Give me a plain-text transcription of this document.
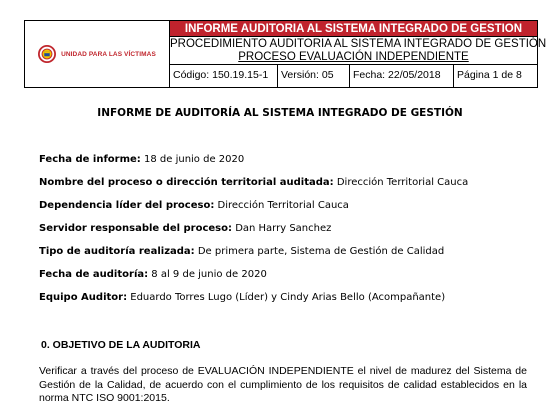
UNIDAD PARA LAS VÍCTIMAS
INFORME AUDITORIA AL SISTEMA INTEGRADO DE GESTION
PROCEDIMIENTO AUDITORIA AL SISTEMA INTEGRADO DE GESTIÓN
PROCESO EVALUACIÓN INDEPENDIENTE
Código: 150.19.15-1	Versión: 05	Fecha: 22/05/2018	Página 1 de 8
INFORME DE AUDITORÍA AL SISTEMA INTEGRADO DE GESTIÓN
Fecha de informe: 18 de junio de 2020
Nombre del proceso o dirección territorial auditada: Dirección Territorial Cauca
Dependencia líder del proceso: Dirección Territorial Cauca
Servidor responsable del proceso: Dan Harry Sanchez
Tipo de auditoría realizada: De primera parte, Sistema de Gestión de Calidad
Fecha de auditoría: 8 al 9 de junio de 2020
Equipo Auditor: Eduardo Torres Lugo (Líder) y Cindy Arias Bello (Acompañante)
0. OBJETIVO DE LA AUDITORIA
Verificar a través del proceso de EVALUACIÓN INDEPENDIENTE el nivel de madurez del Sistema de Gestión de la Calidad, de acuerdo con el cumplimiento de los requisitos de calidad establecidos en la norma NTC ISO 9001:2015.
